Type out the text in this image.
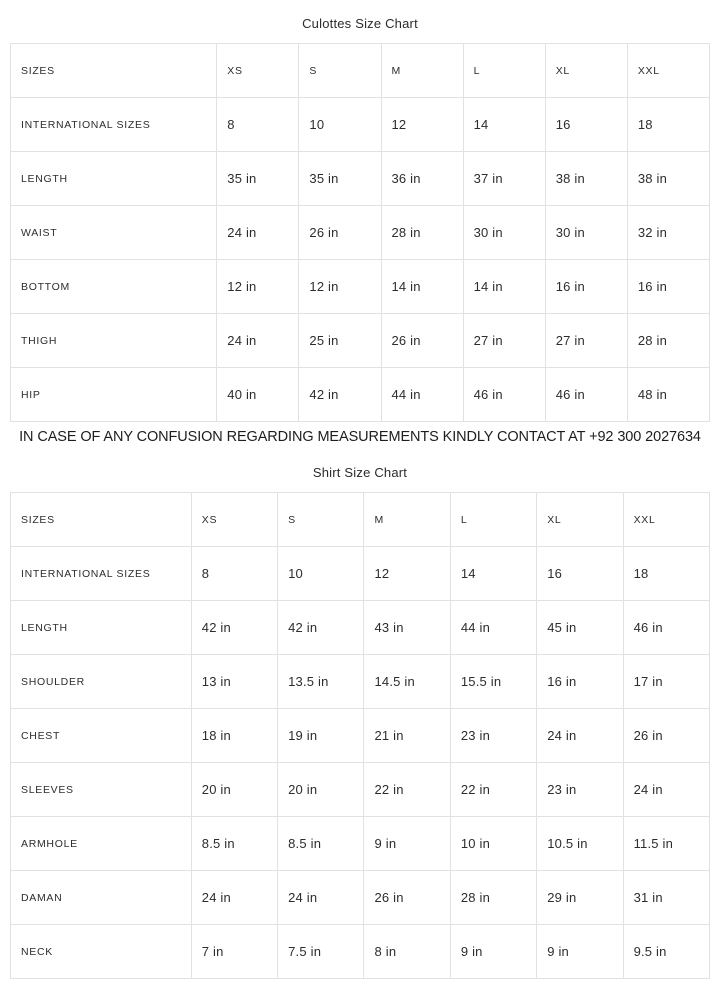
Culottes Size Chart
SIZES	XS	S	M	L	XL	XXL
INTERNATIONAL SIZES	8	10	12	14	16	18
LENGTH	35 in	35 in	36 in	37 in	38 in	38 in
WAIST	24 in	26 in	28 in	30 in	30 in	32 in
BOTTOM	12 in	12 in	14 in	14 in	16 in	16 in
THIGH	24 in	25 in	26 in	27 in	27 in	28 in
HIP	40 in	42 in	44 in	46 in	46 in	48 in
IN CASE OF ANY CONFUSION REGARDING MEASUREMENTS KINDLY CONTACT AT +92 300 2027634
Shirt Size Chart
SIZES	XS	S	M	L	XL	XXL
INTERNATIONAL SIZES	8	10	12	14	16	18
LENGTH	42 in	42 in	43 in	44 in	45 in	46 in
SHOULDER	13 in	13.5 in	14.5 in	15.5 in	16 in	17 in
CHEST	18 in	19 in	21 in	23 in	24 in	26 in
SLEEVES	20 in	20 in	22 in	22 in	23 in	24 in
ARMHOLE	8.5 in	8.5 in	9 in	10 in	10.5 in	11.5 in
DAMAN	24 in	24 in	26 in	28 in	29 in	31 in
NECK	7 in	7.5 in	8 in	9 in	9 in	9.5 in
